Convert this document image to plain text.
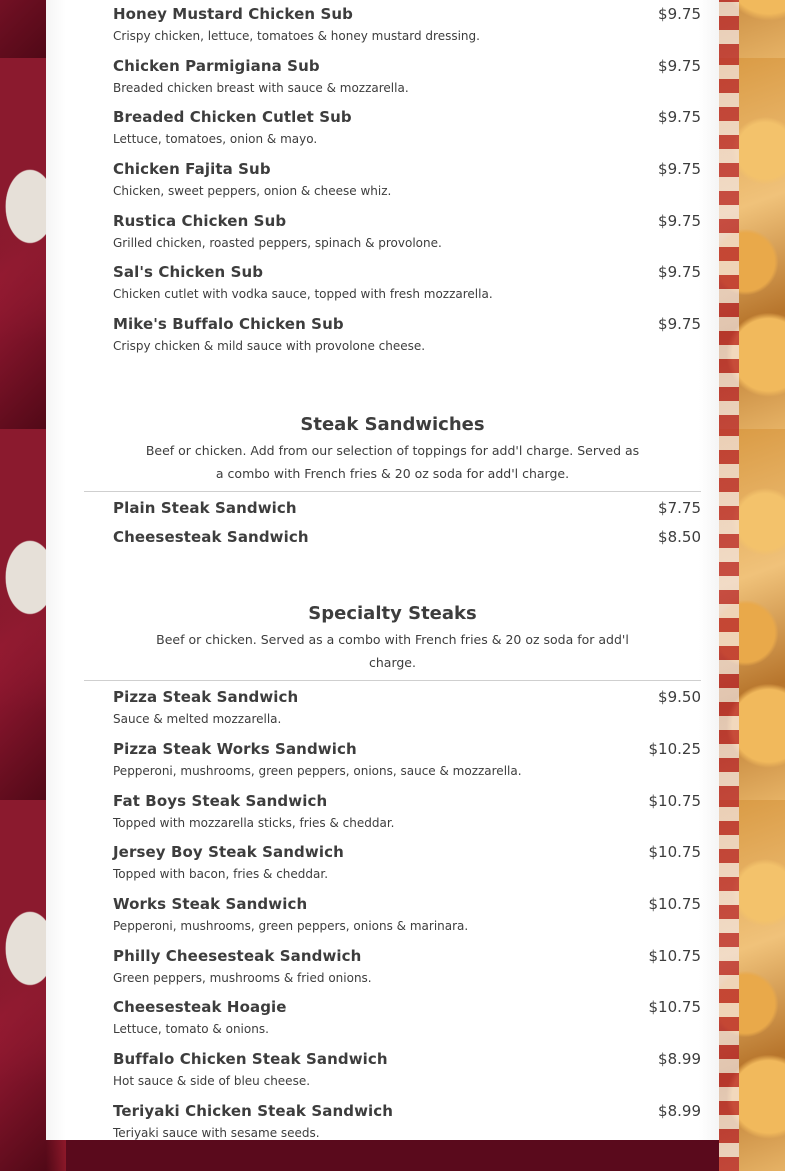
Honey Mustard Chicken Sub	$9.75
Crispy chicken, lettuce, tomatoes & honey mustard dressing.
Chicken Parmigiana Sub	$9.75
Breaded chicken breast with sauce & mozzarella.
Breaded Chicken Cutlet Sub	$9.75
Lettuce, tomatoes, onion & mayo.
Chicken Fajita Sub	$9.75
Chicken, sweet peppers, onion & cheese whiz.
Rustica Chicken Sub	$9.75
Grilled chicken, roasted peppers, spinach & provolone.
Sal's Chicken Sub	$9.75
Chicken cutlet with vodka sauce, topped with fresh mozzarella.
Mike's Buffalo Chicken Sub	$9.75
Crispy chicken & mild sauce with provolone cheese.
Steak Sandwiches
Beef or chicken. Add from our selection of toppings for add'l charge. Served as
a combo with French fries & 20 oz soda for add'l charge.
Plain Steak Sandwich	$7.75
Cheesesteak Sandwich	$8.50
Specialty Steaks
Beef or chicken. Served as a combo with French fries & 20 oz soda for add'l
charge.
Pizza Steak Sandwich	$9.50
Sauce & melted mozzarella.
Pizza Steak Works Sandwich	$10.25
Pepperoni, mushrooms, green peppers, onions, sauce & mozzarella.
Fat Boys Steak Sandwich	$10.75
Topped with mozzarella sticks, fries & cheddar.
Jersey Boy Steak Sandwich	$10.75
Topped with bacon, fries & cheddar.
Works Steak Sandwich	$10.75
Pepperoni, mushrooms, green peppers, onions & marinara.
Philly Cheesesteak Sandwich	$10.75
Green peppers, mushrooms & fried onions.
Cheesesteak Hoagie	$10.75
Lettuce, tomato & onions.
Buffalo Chicken Steak Sandwich	$8.99
Hot sauce & side of bleu cheese.
Teriyaki Chicken Steak Sandwich	$8.99
Teriyaki sauce with sesame seeds.
